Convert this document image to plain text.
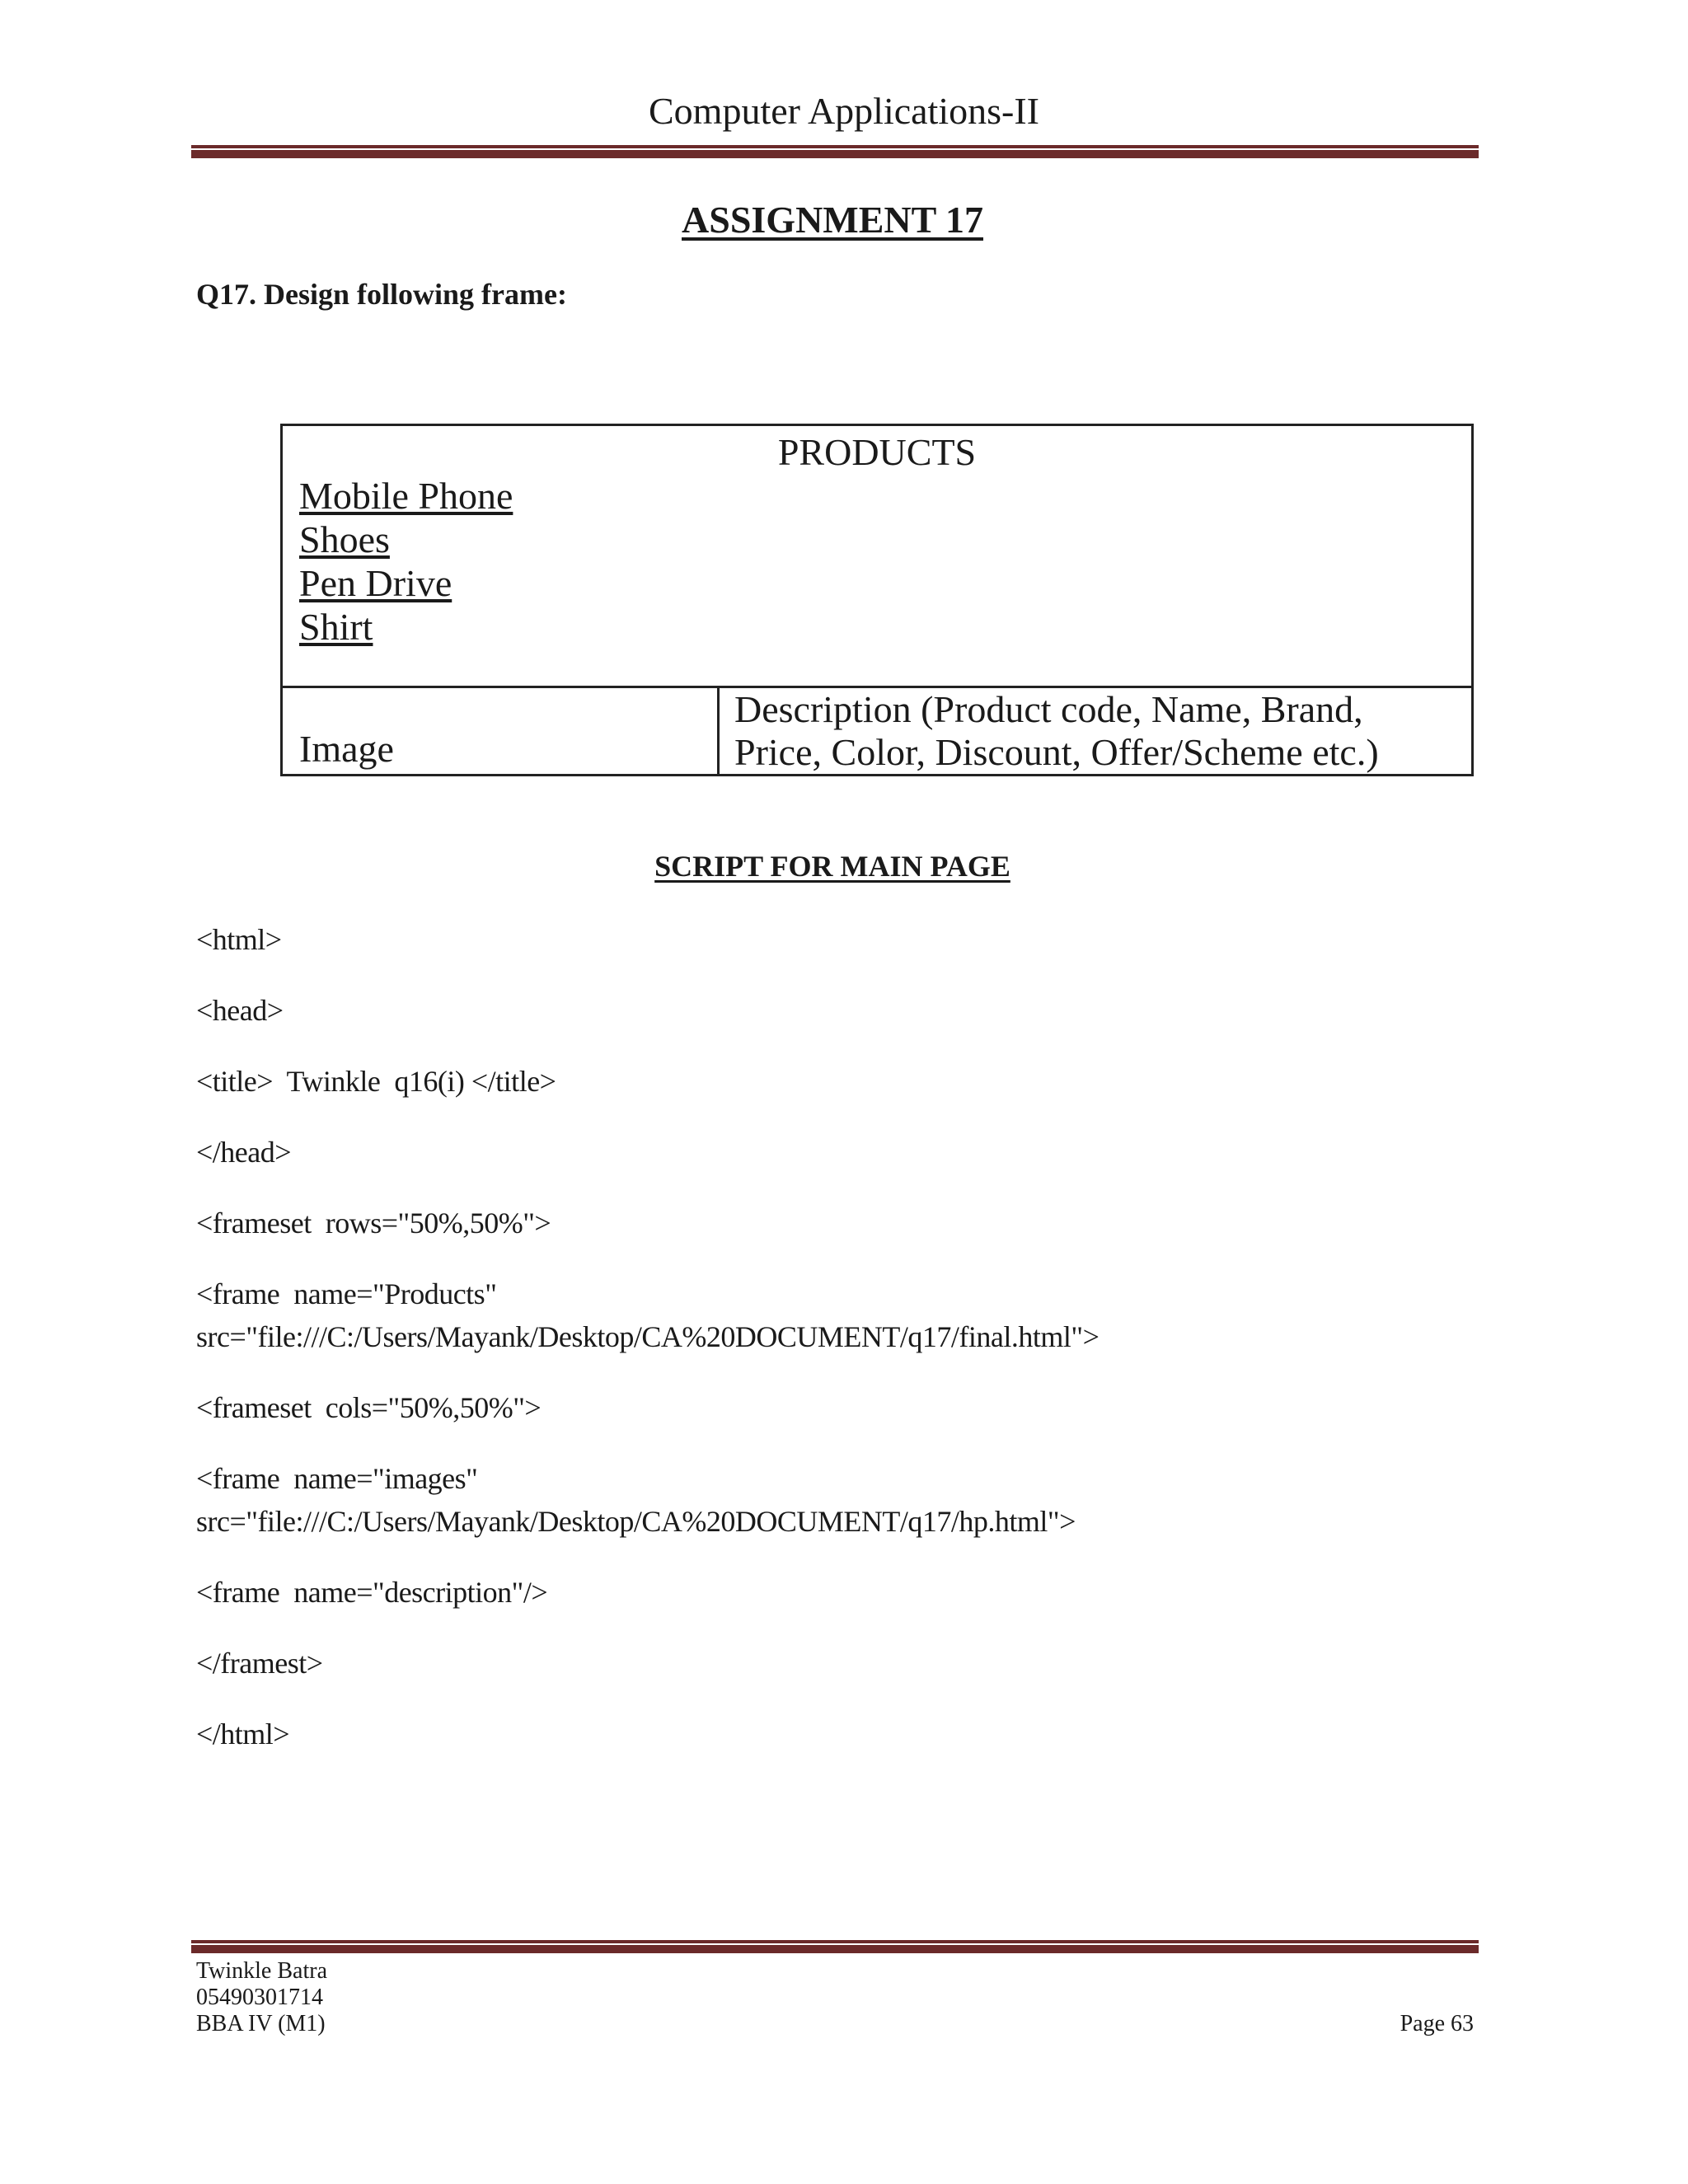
Computer Applications-II
ASSIGNMENT 17
Q17. Design following frame:
PRODUCTS
Mobile Phone
Shoes
Pen Drive
Shirt
Image
Description (Product code, Name, Brand,
Price, Color, Discount, Offer/Scheme etc.)
SCRIPT FOR MAIN PAGE
<html>
<head>
<title>  Twinkle  q16(i) </title>
</head>
<frameset  rows="50%,50%">
<frame  name="Products"
src="file:///C:/Users/Mayank/Desktop/CA%20DOCUMENT/q17/final.html">
<frameset  cols="50%,50%">
<frame  name="images"
src="file:///C:/Users/Mayank/Desktop/CA%20DOCUMENT/q17/hp.html">
<frame  name="description"/>
</framest>
</html>
Twinkle Batra
05490301714
BBA IV (M1)	Page 63
